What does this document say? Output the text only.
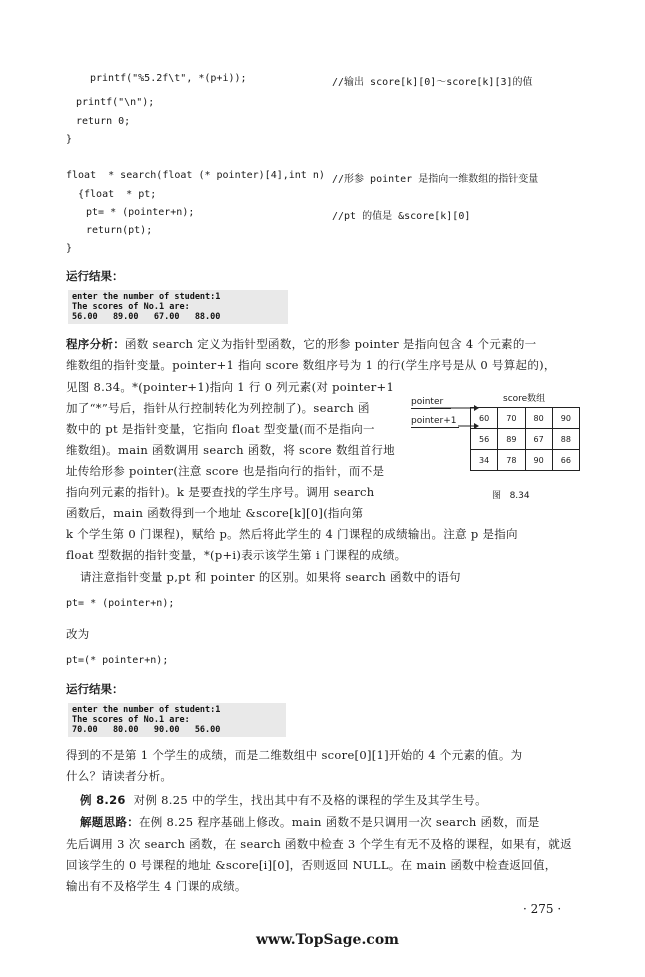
printf("%5.2f\t", *(p+i));	//输出 score[k][0]～score[k][3]的值
printf("\n");
return 0;
}
float  * search(float (* pointer)[4],int n) //形参 pointer 是指向一维数组的指针变量
{float  * pt;
pt= * (pointer+n);	//pt 的值是 &score[k][0]
return(pt);
}
运行结果：
enter the number of student:1
The scores of No.1 are:
56.00   89.00   67.00   88.00
程序分析：函数 search 定义为指针型函数，它的形参 pointer 是指向包含 4 个元素的一
维数组的指针变量。pointer+1 指向 score 数组序号为 1 的行(学生序号是从 0 号算起的)，
见图 8.34。*(pointer+1)指向 1 行 0 列元素(对 pointer+1
加了“*”号后，指针从行控制转化为列控制了)。search 函
数中的 pt 是指针变量，它指向 float 型变量(而不是指向一
维数组)。main 函数调用 search 函数，将 score 数组首行地
址传给形参 pointer(注意 score 也是指向行的指针，而不是
指向列元素的指针)。k 是要查找的学生序号。调用 search
函数后，main 函数得到一个地址 &score[k][0](指向第
k 个学生第 0 门课程)，赋给 p。然后将此学生的 4 门课程的成绩输出。注意 p 是指向
float 型数据的指针变量，*(p+i)表示该学生第 i 门课程的成绩。
score数组
pointer
pointer+1	60	70	80	90
56	89	67	88
34	78	90	66
图   8.34
请注意指针变量 p,pt 和 pointer 的区别。如果将 search 函数中的语句
pt= * (pointer+n);
改为
pt=(* pointer+n);
运行结果：
enter the number of student:1
The scores of No.1 are:
70.00   80.00   90.00   56.00
得到的不是第 1 个学生的成绩，而是二维数组中 score[0][1]开始的 4 个元素的值。为
什么？请读者分析。
例 8.26  对例 8.25 中的学生，找出其中有不及格的课程的学生及其学生号。
解题思路：在例 8.25 程序基础上修改。main 函数不是只调用一次 search 函数，而是
先后调用 3 次 search 函数，在 search 函数中检查 3 个学生有无不及格的课程，如果有，就返
回该学生的 0 号课程的地址 &score[i][0]，否则返回 NULL。在 main 函数中检查返回值，
输出有不及格学生 4 门课的成绩。
· 275 ·
www.TopSage.com
